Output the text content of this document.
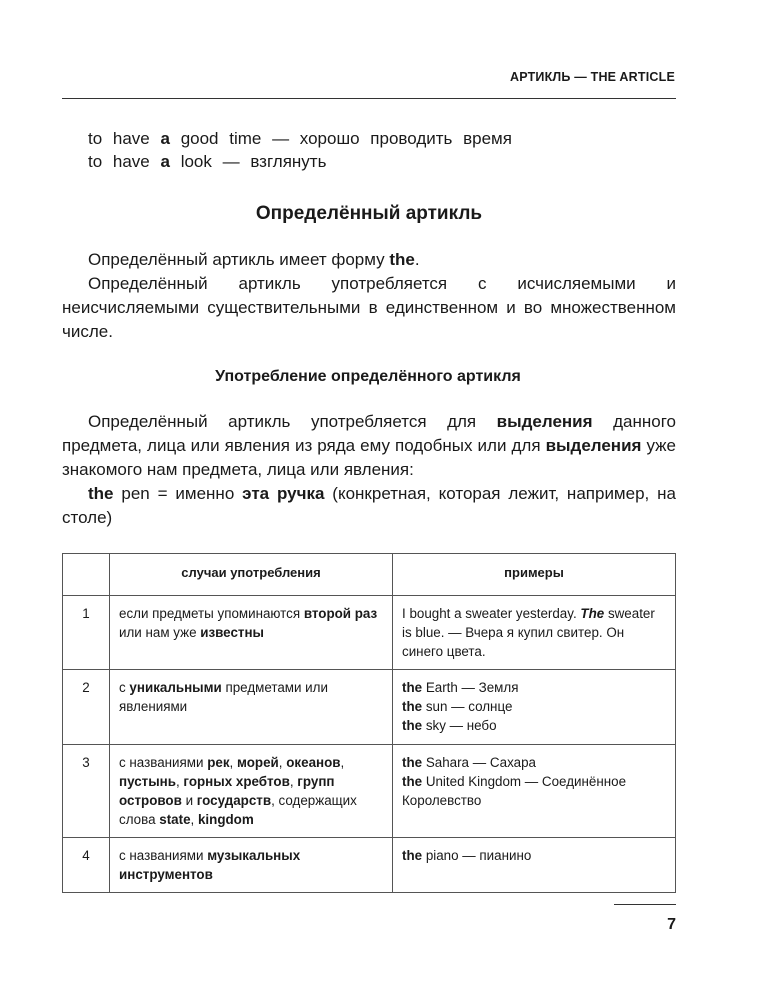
АРТИКЛЬ — THE ARTICLE
to have a good time — хорошо проводить время
to have a look — взглянуть
Определённый артикль

Определённый артикль имеет форму the.

Определённый артикль употребляется с исчисляемыми и неисчисляемыми существительными в единственном и во множественном числе.

Употребление определённого артикля

Определённый артикль употребляется для выделения данного предмета, лица или явления из ряда ему подобных или для выделения уже знакомого нам предмета, лица или явления:

the pen = именно эта ручка (конкретная, которая лежит, например, на столе)

	случаи употребления	примеры
1	если предметы упоминаются второй раз или нам уже известны	I bought a sweater yesterday. The sweater is blue. — Вчера я купил свитер. Он синего цвета.
2	с уникальными предметами или явлениями	the Earth — Земля
the sun — солнце
the sky — небо

3	с названиями рек, морей, океанов, пустынь, горных хребтов, групп островов и государств, содержащих слова state, kingdom	the Sahara — Сахара
the United Kingdom — Соединённое Королевство

4	с названиями музыкальных инструментов	the piano — пианино
7
